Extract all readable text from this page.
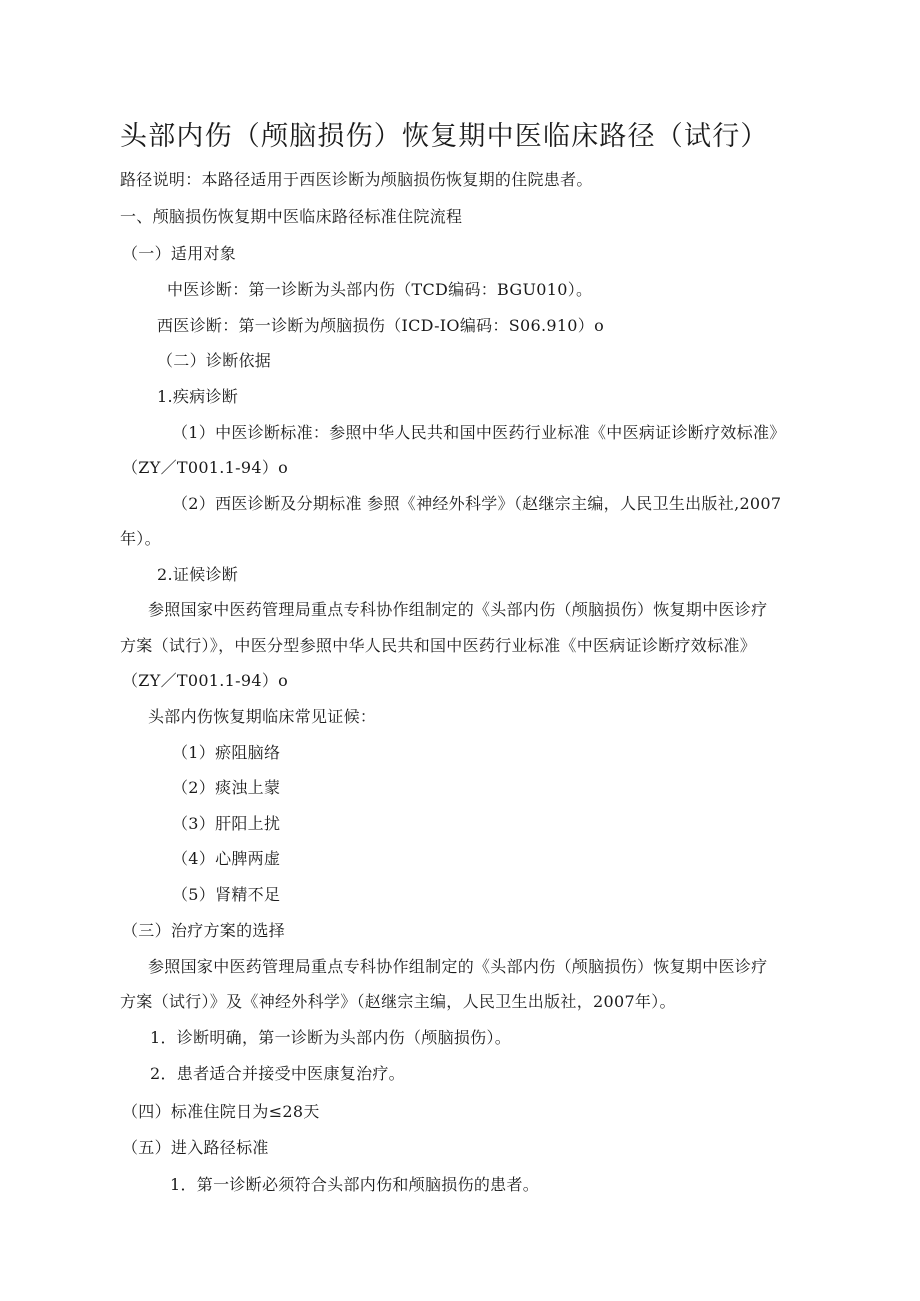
头部内伤（颅脑损伤）恢复期中医临床路径（试行）
路径说明：本路径适用于西医诊断为颅脑损伤恢复期的住院患者。
一、颅脑损伤恢复期中医临床路径标准住院流程
（一）适用对象
中医诊断：第一诊断为头部内伤（TCD编码：BGU010）。
西医诊断：第一诊断为颅脑损伤（ICD-IO编码：S06.910）o
（二）诊断依据
1.疾病诊断
（1）中医诊断标准：参照中华人民共和国中医药行业标准《中医病证诊断疗效标准》
（ZY／T001.1-94）o
（2）西医诊断及分期标准 参照《神经外科学》（赵继宗主编，人民卫生出版社,2007
年）。
2.证候诊断
参照国家中医药管理局重点专科协作组制定的《头部内伤（颅脑损伤）恢复期中医诊疗
方案（试行）》，中医分型参照中华人民共和国中医药行业标准《中医病证诊断疗效标准》
（ZY／T001.1-94）o
头部内伤恢复期临床常见证候：
（1）瘀阻脑络
（2）痰浊上蒙
（3）肝阳上扰
（4）心脾两虚
（5）肾精不足
（三）治疗方案的选择
参照国家中医药管理局重点专科协作组制定的《头部内伤（颅脑损伤）恢复期中医诊疗
方案（试行）》及《神经外科学》（赵继宗主编，人民卫生出版社，2007年）。
1．诊断明确，第一诊断为头部内伤（颅脑损伤）。
2．患者适合并接受中医康复治疗。
（四）标准住院日为≤28天
（五）进入路径标准
1．第一诊断必须符合头部内伤和颅脑损伤的患者。
